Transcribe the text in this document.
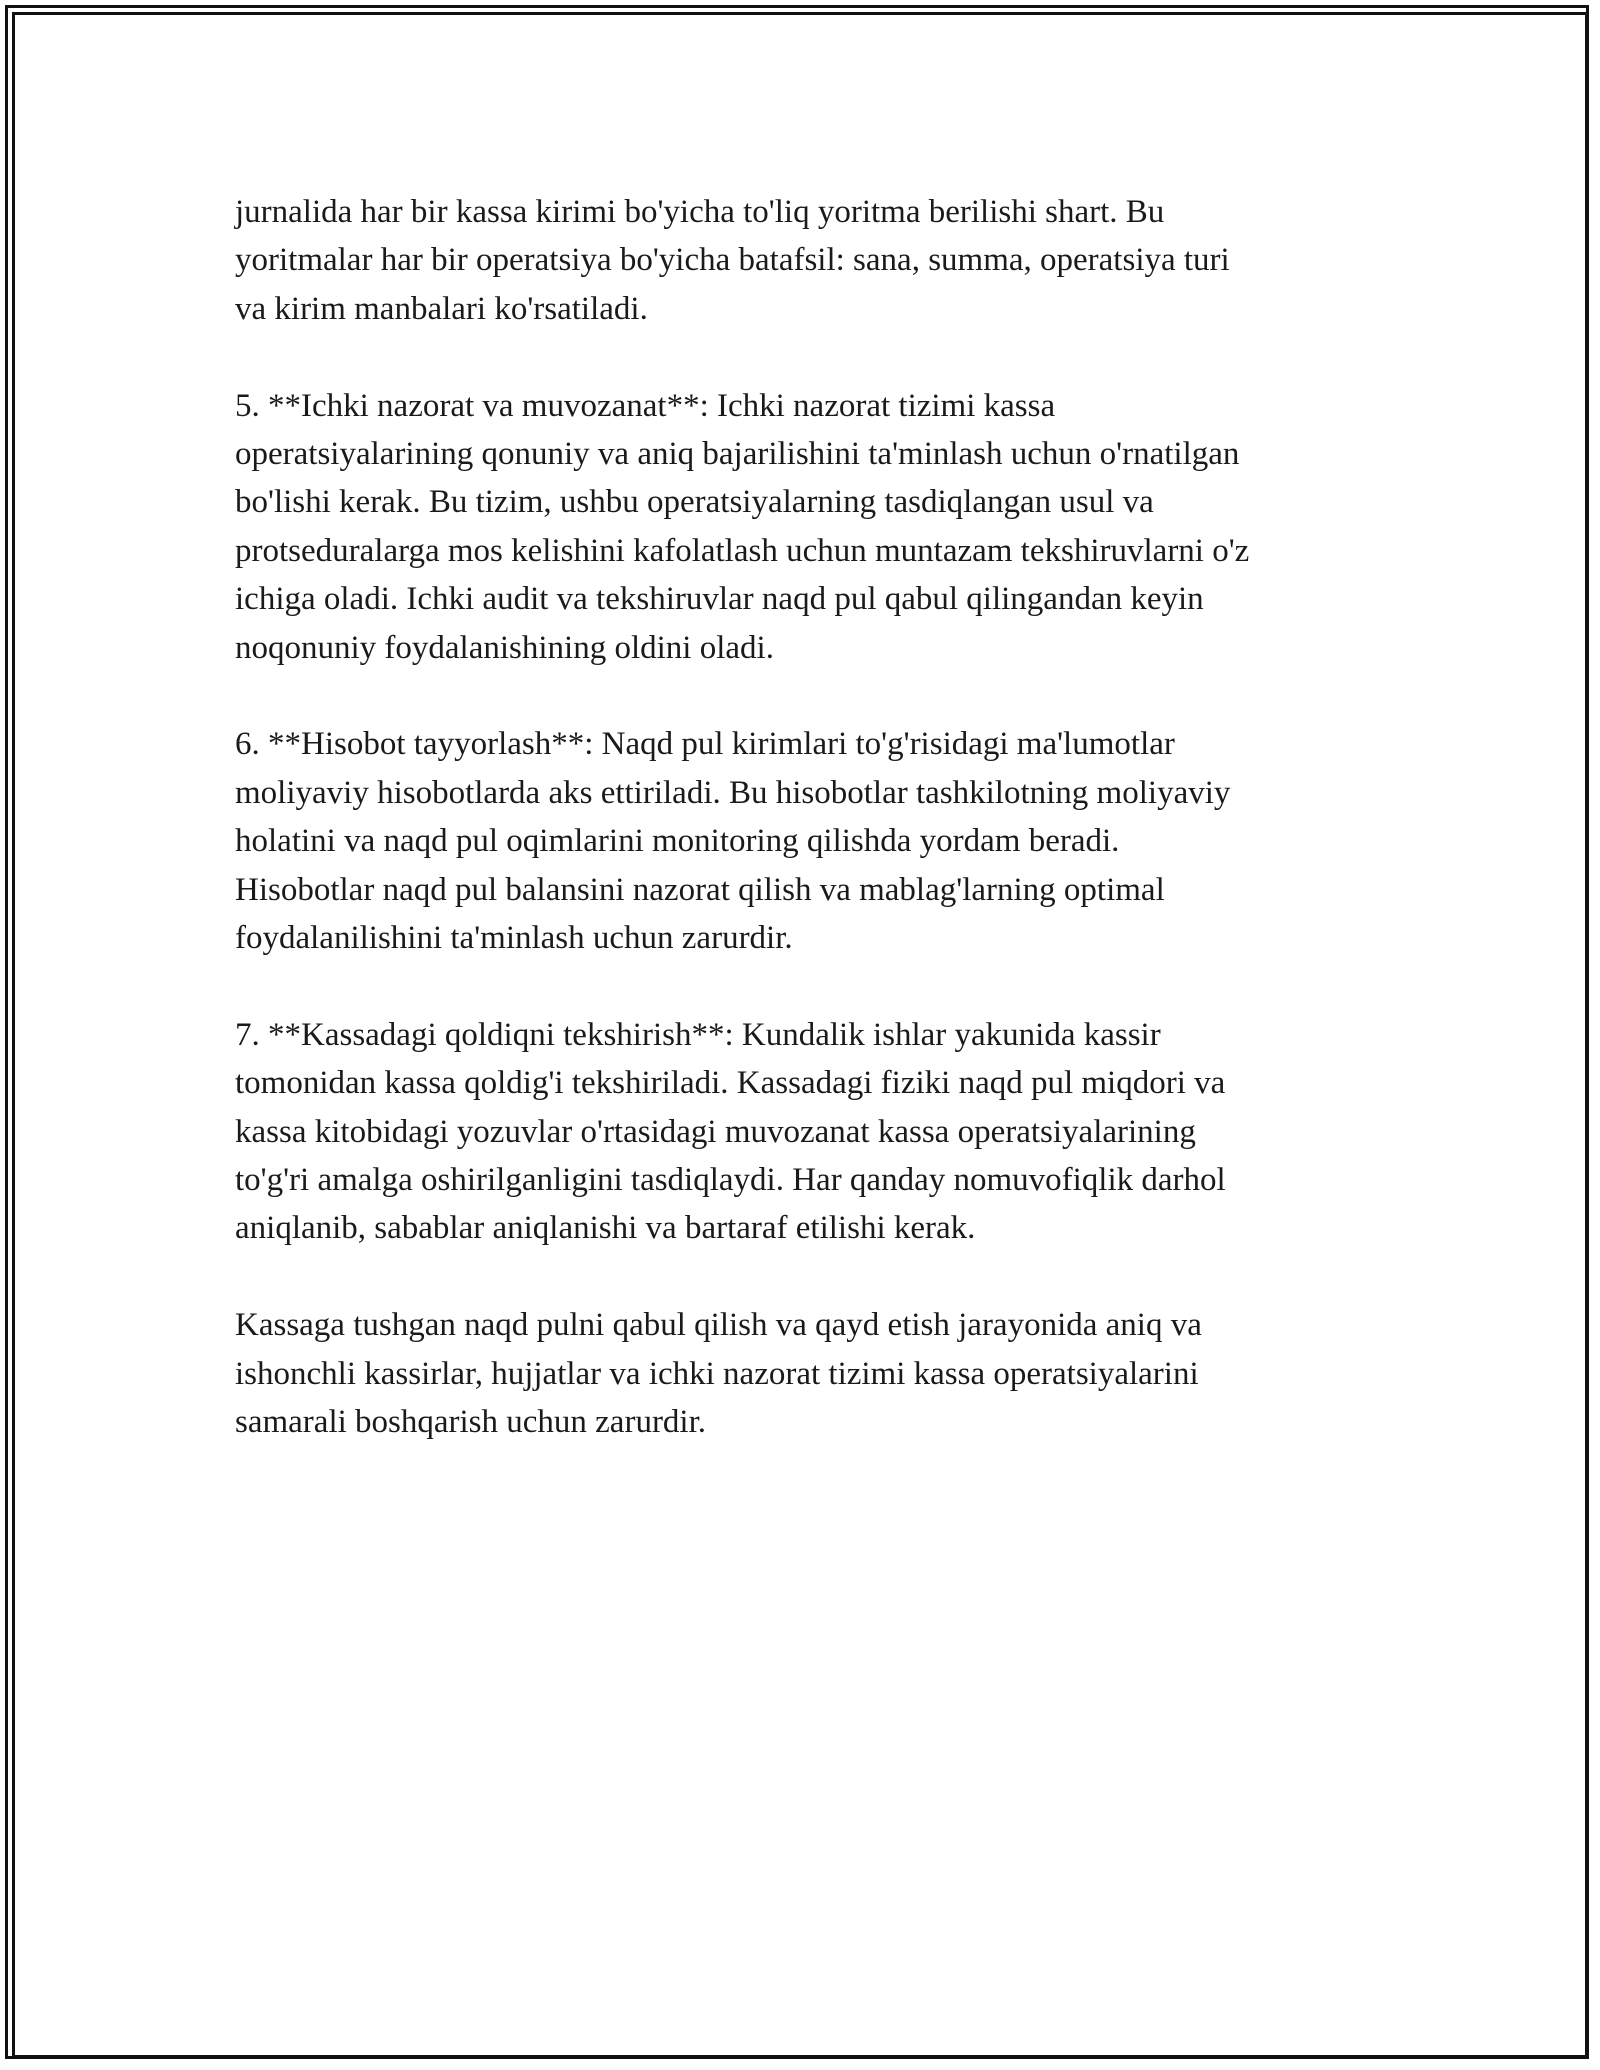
jurnalida har bir kassa kirimi bo'yicha to'liq yoritma berilishi shart. Bu
yoritmalar har bir operatsiya bo'yicha batafsil: sana, summa, operatsiya turi
va kirim manbalari ko'rsatiladi.

5. **Ichki nazorat va muvozanat**: Ichki nazorat tizimi kassa
operatsiyalarining qonuniy va aniq bajarilishini ta'minlash uchun o'rnatilgan
bo'lishi kerak. Bu tizim, ushbu operatsiyalarning tasdiqlangan usul va
protseduralarga mos kelishini kafolatlash uchun muntazam tekshiruvlarni o'z
ichiga oladi. Ichki audit va tekshiruvlar naqd pul qabul qilingandan keyin
noqonuniy foydalanishining oldini oladi.

6. **Hisobot tayyorlash**: Naqd pul kirimlari to'g'risidagi ma'lumotlar
moliyaviy hisobotlarda aks ettiriladi. Bu hisobotlar tashkilotning moliyaviy
holatini va naqd pul oqimlarini monitoring qilishda yordam beradi.
Hisobotlar naqd pul balansini nazorat qilish va mablag'larning optimal
foydalanilishini ta'minlash uchun zarurdir.

7. **Kassadagi qoldiqni tekshirish**: Kundalik ishlar yakunida kassir
tomonidan kassa qoldig'i tekshiriladi. Kassadagi fiziki naqd pul miqdori va
kassa kitobidagi yozuvlar o'rtasidagi muvozanat kassa operatsiyalarining
to'g'ri amalga oshirilganligini tasdiqlaydi. Har qanday nomuvofiqlik darhol
aniqlanib, sabablar aniqlanishi va bartaraf etilishi kerak.

Kassaga tushgan naqd pulni qabul qilish va qayd etish jarayonida aniq va
ishonchli kassirlar, hujjatlar va ichki nazorat tizimi kassa operatsiyalarini
samarali boshqarish uchun zarurdir.
